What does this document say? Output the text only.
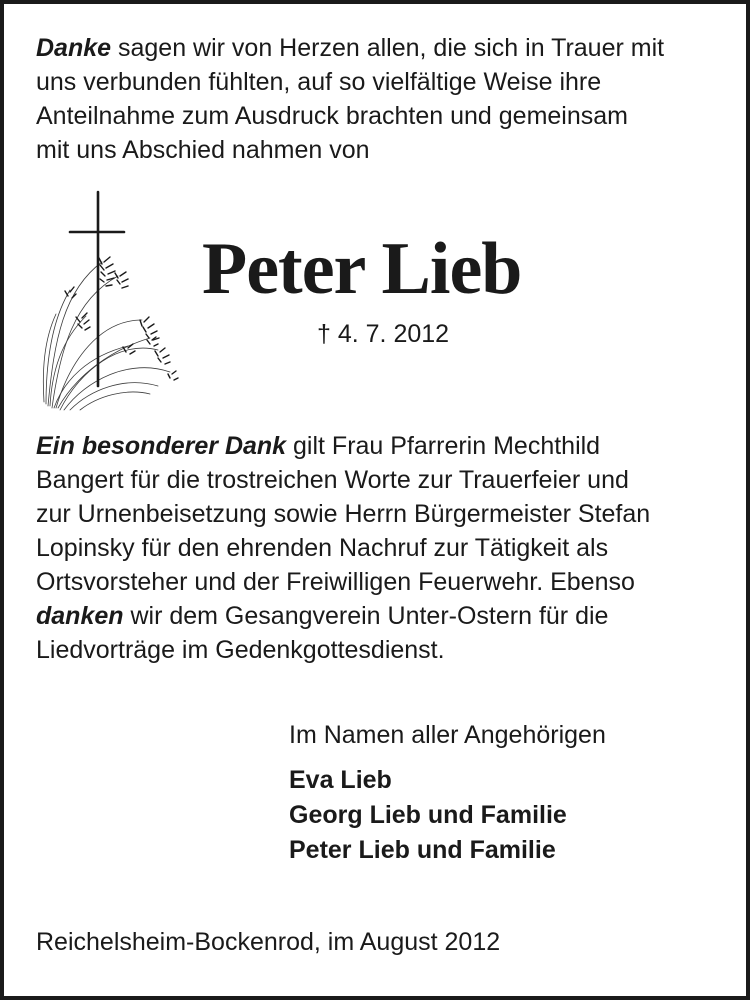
Danke sagen wir von Herzen allen, die sich in Trauer mit
uns verbunden fühlten, auf so vielfältige Weise ihre
Anteilnahme zum Ausdruck brachten und gemeinsam
mit uns Abschied nahmen von

Peter Lieb
† 4. 7. 2012

Ein besonderer Dank gilt Frau Pfarrerin Mechthild
Bangert für die trostreichen Worte zur Trauerfeier und
zur Urnenbeisetzung sowie Herrn Bürgermeister Stefan
Lopinsky für den ehrenden Nachruf zur Tätigkeit als
Ortsvorsteher und der Freiwilligen Feuerwehr. Ebenso
danken wir dem Gesangverein Unter-Ostern für die
Liedvorträge im Gedenkgottesdienst.

Im Namen aller Angehörigen
Eva Lieb
Georg Lieb und Familie
Peter Lieb und Familie
Reichelsheim-Bockenrod, im August 2012
